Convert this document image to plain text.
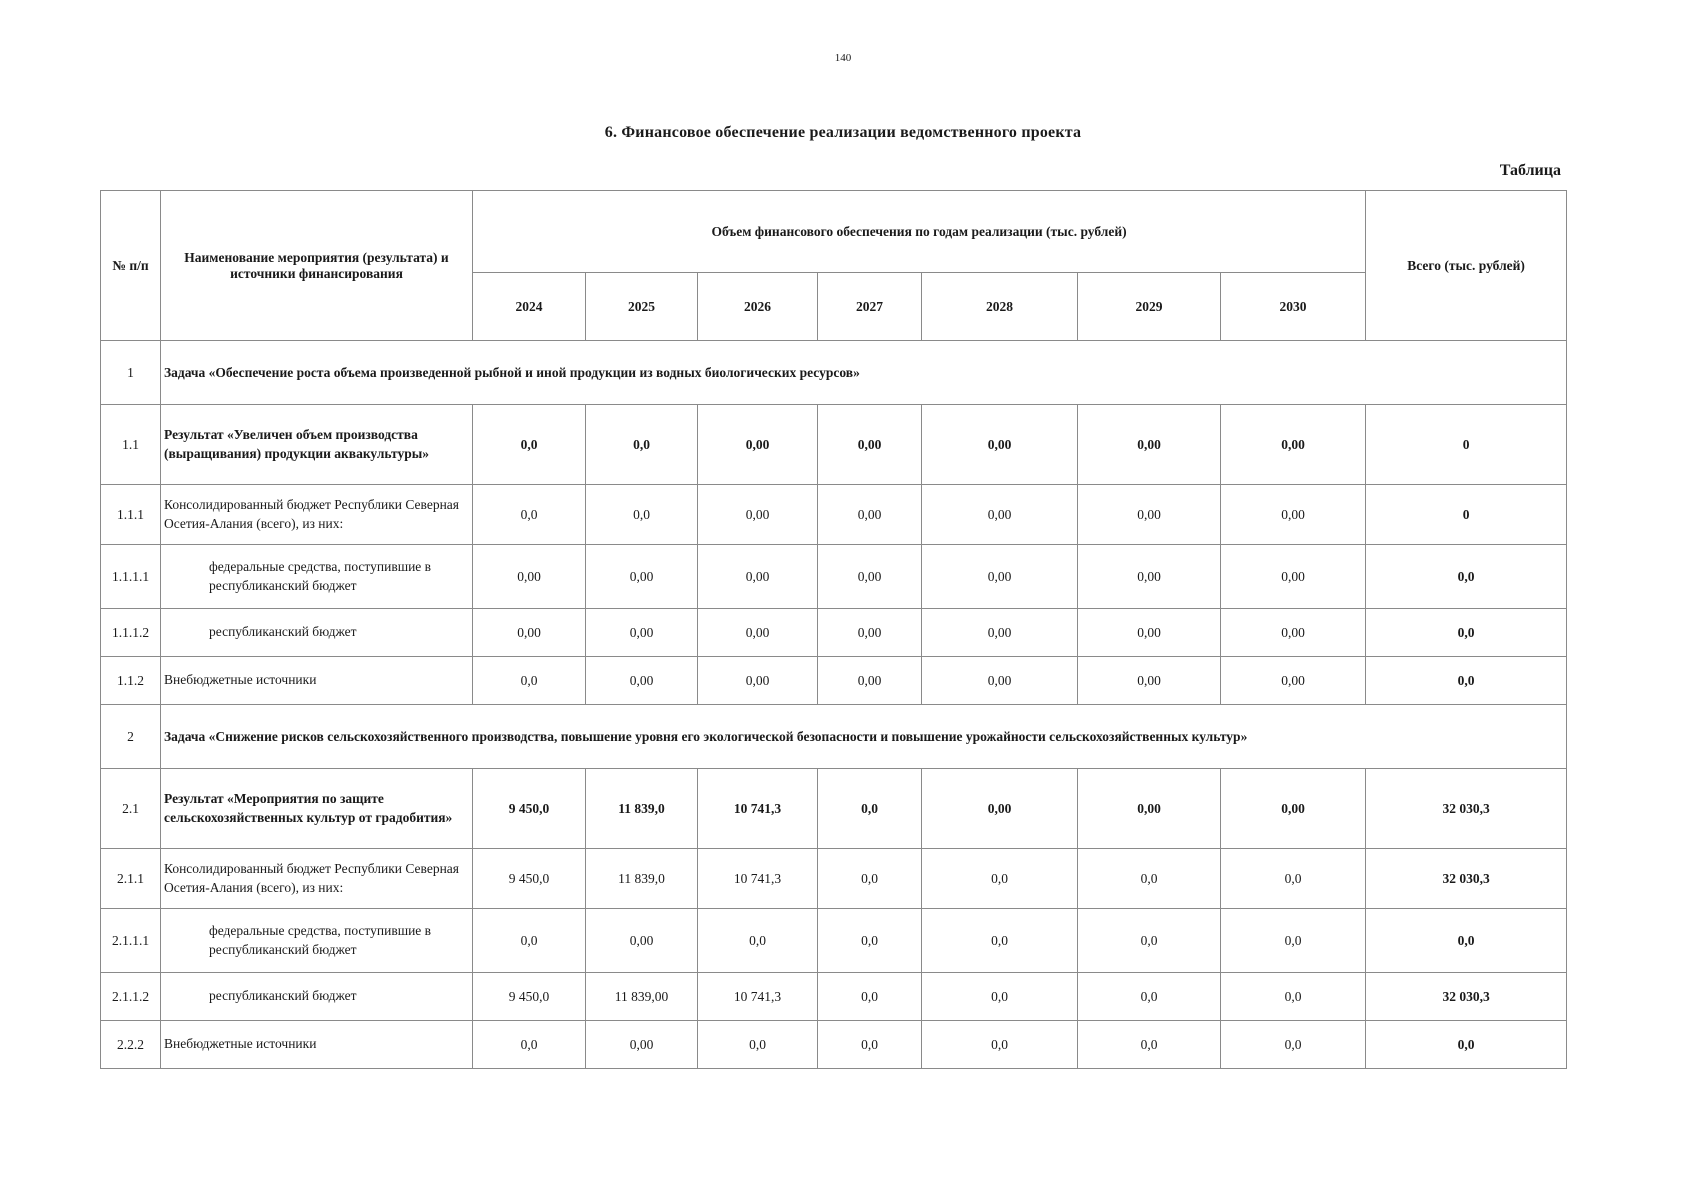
140
6. Финансовое обеспечение реализации ведомственного проекта
Таблица
№ п/п	Наименование мероприятия (результата) и источники финансирования	Объем финансового обеспечения по годам реализации (тыс. рублей)							Всего (тыс. рублей)
		2024	2025	2026	2027	2028	2029	2030	
1	Задача «Обеспечение роста объема произведенной рыбной и иной продукции из водных биологических ресурсов»								
1.1	Результат «Увеличен объем производства (выращивания) продукции аквакультуры»	0,0	0,0	0,00	0,00	0,00	0,00	0,00	0
1.1.1	Консолидированный бюджет Республики Северная Осетия-Алания (всего), из них:	0,0	0,0	0,00	0,00	0,00	0,00	0,00	0
1.1.1.1	федеральные средства, поступившие в республиканский бюджет	0,00	0,00	0,00	0,00	0,00	0,00	0,00	0,0
1.1.1.2	республиканский бюджет	0,00	0,00	0,00	0,00	0,00	0,00	0,00	0,0
1.1.2	Внебюджетные источники	0,0	0,00	0,00	0,00	0,00	0,00	0,00	0,0
2	Задача «Снижение рисков сельскохозяйственного производства, повышение уровня его экологической безопасности и повышение урожайности сельскохозяйственных культур»								
2.1	Результат «Мероприятия по защите сельскохозяйственных культур от градобития»	9 450,0	11 839,0	10 741,3	0,0	0,00	0,00	0,00	32 030,3
2.1.1	Консолидированный бюджет Республики Северная Осетия-Алания (всего), из них:	9 450,0	11 839,0	10 741,3	0,0	0,0	0,0	0,0	32 030,3
2.1.1.1	федеральные средства, поступившие в республиканский бюджет	0,0	0,00	0,0	0,0	0,0	0,0	0,0	0,0
2.1.1.2	республиканский бюджет	9 450,0	11 839,00	10 741,3	0,0	0,0	0,0	0,0	32 030,3
2.2.2	Внебюджетные источники	0,0	0,00	0,0	0,0	0,0	0,0	0,0	0,0
